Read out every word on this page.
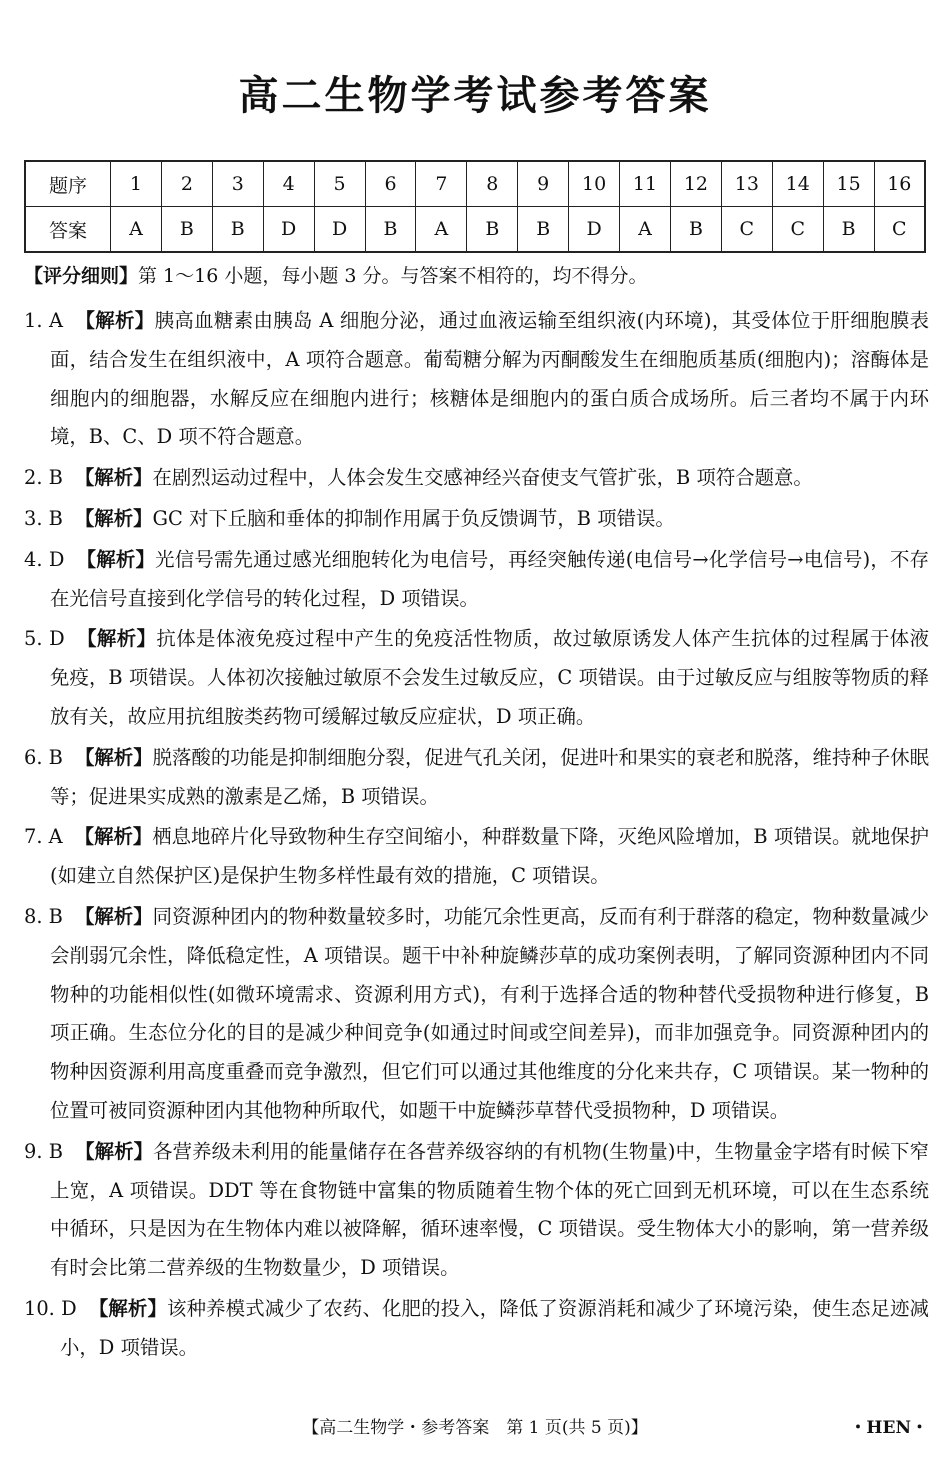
高二生物学考试参考答案
题序	1	2	3	4	5	6	7	8	9	10	11	12	13	14	15	16
答案	A	B	B	D	D	B	A	B	B	D	A	B	C	C	B	C
【评分细则】第 1～16 小题，每小题 3 分。与答案不相符的，均不得分。
1. A 【解析】胰高血糖素由胰岛 A 细胞分泌，通过血液运输至组织液(内环境)，其受体位于肝细胞膜表面，结合发生在组织液中，A 项符合题意。葡萄糖分解为丙酮酸发生在细胞质基质(细胞内)；溶酶体是细胞内的细胞器，水解反应在细胞内进行；核糖体是细胞内的蛋白质合成场所。后三者均不属于内环境，B、C、D 项不符合题意。
2. B 【解析】在剧烈运动过程中，人体会发生交感神经兴奋使支气管扩张，B 项符合题意。
3. B 【解析】GC 对下丘脑和垂体的抑制作用属于负反馈调节，B 项错误。
4. D 【解析】光信号需先通过感光细胞转化为电信号，再经突触传递(电信号→化学信号→电信号)，不存在光信号直接到化学信号的转化过程，D 项错误。
5. D 【解析】抗体是体液免疫过程中产生的免疫活性物质，故过敏原诱发人体产生抗体的过程属于体液免疫，B 项错误。人体初次接触过敏原不会发生过敏反应，C 项错误。由于过敏反应与组胺等物质的释放有关，故应用抗组胺类药物可缓解过敏反应症状，D 项正确。
6. B 【解析】脱落酸的功能是抑制细胞分裂，促进气孔关闭，促进叶和果实的衰老和脱落，维持种子休眠等；促进果实成熟的激素是乙烯，B 项错误。
7. A 【解析】栖息地碎片化导致物种生存空间缩小，种群数量下降，灭绝风险增加，B 项错误。就地保护(如建立自然保护区)是保护生物多样性最有效的措施，C 项错误。
8. B 【解析】同资源种团内的物种数量较多时，功能冗余性更高，反而有利于群落的稳定，物种数量减少会削弱冗余性，降低稳定性，A 项错误。题干中补种旋鳞莎草的成功案例表明，了解同资源种团内不同物种的功能相似性(如微环境需求、资源利用方式)，有利于选择合适的物种替代受损物种进行修复，B 项正确。生态位分化的目的是减少种间竞争(如通过时间或空间差异)，而非加强竞争。同资源种团内的物种因资源利用高度重叠而竞争激烈，但它们可以通过其他维度的分化来共存，C 项错误。某一物种的位置可被同资源种团内其他物种所取代，如题干中旋鳞莎草替代受损物种，D 项错误。
9. B 【解析】各营养级未利用的能量储存在各营养级容纳的有机物(生物量)中，生物量金字塔有时候下窄上宽，A 项错误。DDT 等在食物链中富集的物质随着生物个体的死亡回到无机环境，可以在生态系统中循环，只是因为在生物体内难以被降解，循环速率慢，C 项错误。受生物体大小的影响，第一营养级有时会比第二营养级的生物数量少，D 项错误。
10. D 【解析】该种养模式减少了农药、化肥的投入，降低了资源消耗和减少了环境污染，使生态足迹减小，D 项错误。
【高二生物学・参考答案　第 1 页(共 5 页)】	・HEN・
